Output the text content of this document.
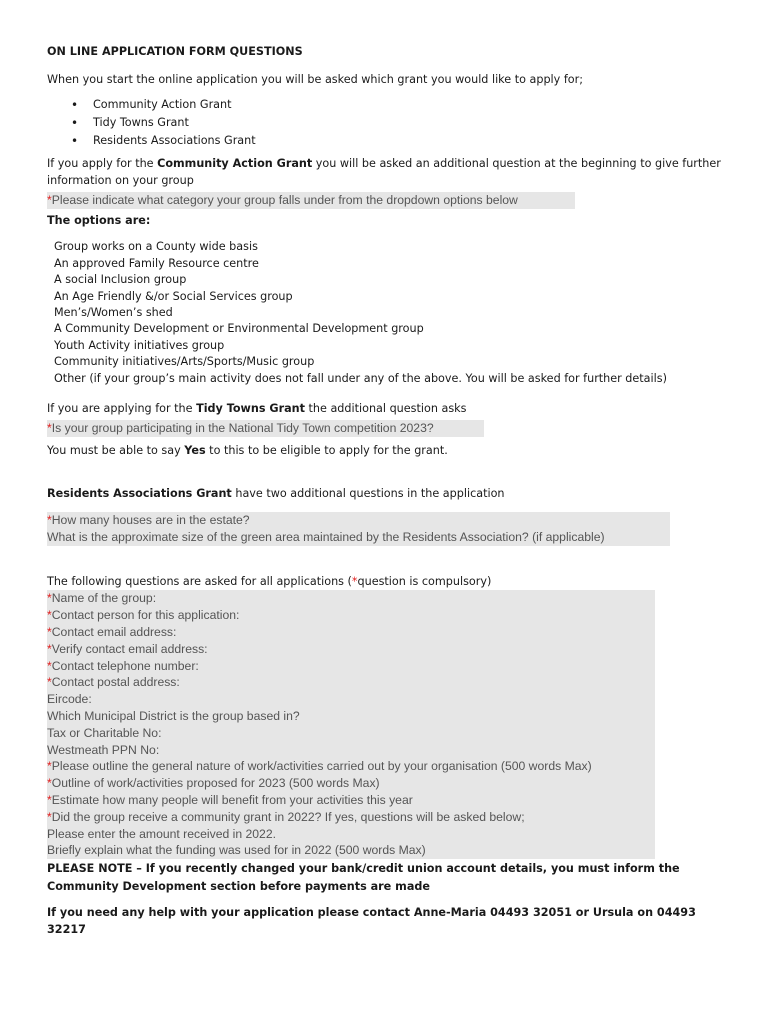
ON LINE APPLICATION FORM QUESTIONS

When you start the online application you will be asked which grant you would like to apply for;

• Community Action Grant
• Tidy Towns Grant
• Residents Associations Grant

If you apply for the Community Action Grant you will be asked an additional question at the beginning to give further information on your group

*Please indicate what category your group falls under from the dropdown options below

The options are:

Group works on a County wide basis

An approved Family Resource centre

A social Inclusion group

An Age Friendly &/or Social Services group

Men’s/Women’s shed

A Community Development or Environmental Development group

Youth Activity initiatives group

Community initiatives/Arts/Sports/Music group

Other (if your group’s main activity does not fall under any of the above. You will be asked for further details)

If you are applying for the Tidy Towns Grant the additional question asks

*Is your group participating in the National Tidy Town competition 2023?

You must be able to say Yes to this to be eligible to apply for the grant.

Residents Associations Grant have two additional questions in the application

*How many houses are in the estate?
What is the approximate size of the green area maintained by the Residents Association? (if applicable)

The following questions are asked for all applications (*question is compulsory)

*Name of the group:
*Contact person for this application:
*Contact email address:
*Verify contact email address:
*Contact telephone number:
*Contact postal address:
Eircode:
Which Municipal District is the group based in?
Tax or Charitable No:
Westmeath PPN No:
*Please outline the general nature of work/activities carried out by your organisation (500 words Max)
*Outline of work/activities proposed for 2023 (500 words Max)
*Estimate how many people will benefit from your activities this year
*Did the group receive a community grant in 2022? If yes, questions will be asked below;
Please enter the amount received in 2022.
Briefly explain what the funding was used for in 2022 (500 words Max)

PLEASE NOTE – If you recently changed your bank/credit union account details, you must inform the Community Development section before payments are made

If you need any help with your application please contact Anne-Maria 04493 32051 or Ursula on 04493 32217
